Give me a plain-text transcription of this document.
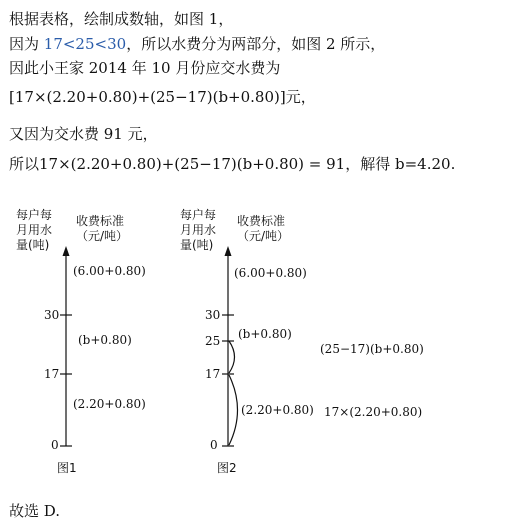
根据表格，绘制成数轴，如图 1，
因为 17<25<30，所以水费分为两部分，如图 2 所示，
因此小王家 2014 年 10 月份应交水费为
[17×(2.20+0.80)+(25−17)(b+0.80)]元，
又因为交水费 91 元，
所以17×(2.20+0.80)+(25−17)(b+0.80) = 91，解得 b=4.20.
每户每
月用水
量(吨)
收费标准
（元/吨）
30
17
0
(6.00+0.80)
(b+0.80)
(2.20+0.80)
图1
每户每
月用水
量(吨)
收费标准
（元/吨）
30
25
17
0
(6.00+0.80)
(b+0.80)
(2.20+0.80)
(25−17)(b+0.80)
17×(2.20+0.80)
图2
故选 D.
